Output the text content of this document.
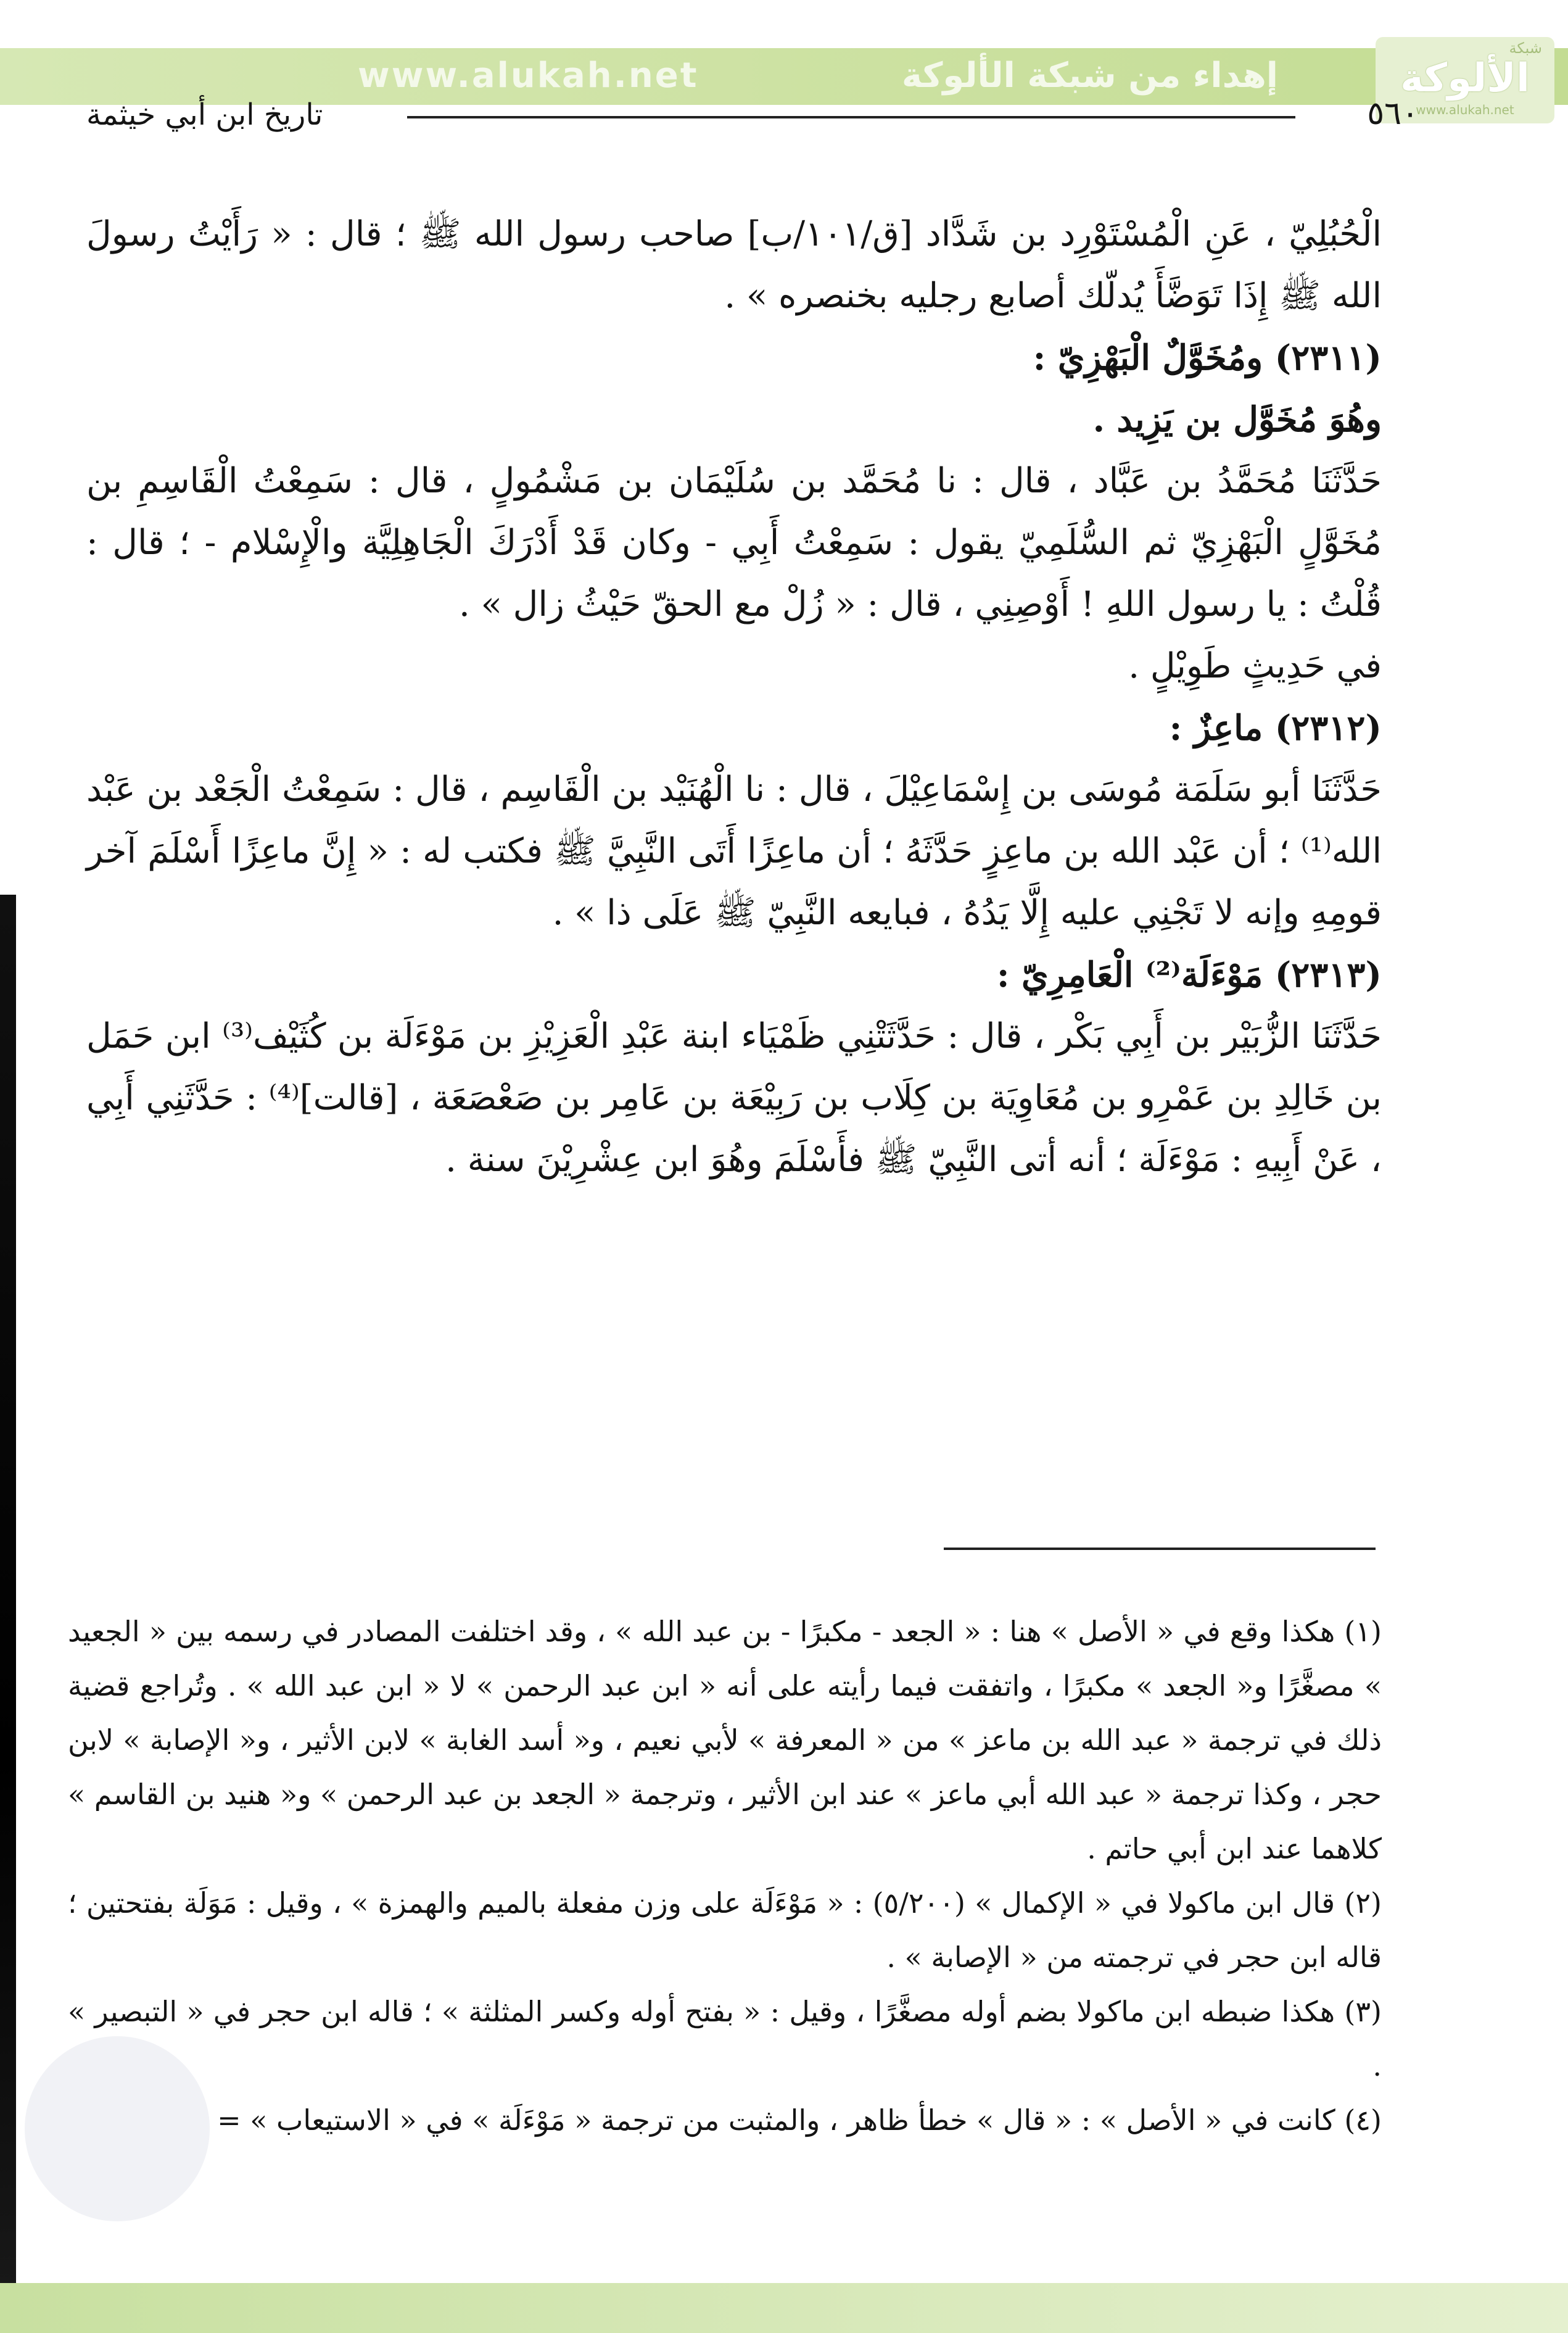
www.alukah.net	إهداء من شبكة الألوكة
شبكة
الألوكة
www.alukah.net
تاريخ ابن أبي خيثمة	٥٦٠

الْحُبُلِيّ ، عَنِ الْمُسْتَوْرِد بن شَدَّاد [ق/١٠١/ب] صاحب رسول الله ﷺ ؛ قال : « رَأَيْتُ رسولَ الله ﷺ إِذَا تَوَضَّأَ يُدلّك أصابع رجليه بخنصره » .

(٢٣١١) ومُخَوَّلٌ الْبَهْزِيّ :

وهُوَ مُخَوَّل بن يَزِيد .

حَدَّثَنَا مُحَمَّدُ بن عَبَّاد ، قال : نا مُحَمَّد بن سُلَيْمَان بن مَشْمُولٍ ، قال : سَمِعْتُ الْقَاسِمِ بن مُخَوَّلٍ الْبَهْزِيّ ثم السُّلَمِيّ يقول : سَمِعْتُ أَبِي - وكان قَدْ أَدْرَكَ الْجَاهِلِيَّة والْإِسْلام - ؛ قال : قُلْتُ : يا رسول اللهِ ! أَوْصِنِي ، قال : « زُلْ مع الحقّ حَيْثُ زال » .

في حَدِيثٍ طَوِيْلٍ .

(٢٣١٢) ماعِزٌ :

حَدَّثَنَا أبو سَلَمَة مُوسَى بن إِسْمَاعِيْلَ ، قال : نا الْهُنَيْد بن الْقَاسِم ، قال : سَمِعْتُ الْجَعْد بن عَبْد الله⁽¹⁾ ؛ أن عَبْد الله بن ماعِزٍ حَدَّثَهُ ؛ أن ماعِزًا أَتَى النَّبِيَّ ﷺ فكتب له : « إِنَّ ماعِزًا أَسْلَمَ آخر قومِهِ وإنه لا تَجْنِي عليه إِلَّا يَدُهُ ، فبايعه النَّبِيّ ﷺ عَلَى ذا » .

(٢٣١٣) مَوْءَلَة⁽²⁾ الْعَامِرِيّ :

حَدَّثَنَا الزُّبَيْر بن أَبِي بَكْر ، قال : حَدَّثَتْنِي ظَمْيَاء ابنة عَبْدِ الْعَزِيْزِ بن مَوْءَلَة بن كُثَيْف⁽³⁾ ابن حَمَل بن خَالِدِ بن عَمْرِو بن مُعَاوِيَة بن كِلَاب بن رَبِيْعَة بن عَامِر بن صَعْصَعَة ، [قالت]⁽⁴⁾ : حَدَّثَنِي أَبِي ، عَنْ أَبِيهِ : مَوْءَلَة ؛ أنه أتى النَّبِيّ ﷺ فأَسْلَمَ وهُوَ ابن عِشْرِيْنَ سنة .

(١) هكذا وقع في « الأصل » هنا : « الجعد - مكبرًا - بن عبد الله » ، وقد اختلفت المصادر في رسمه بين « الجعيد » مصغَّرًا و« الجعد » مكبرًا ، واتفقت فيما رأيته على أنه « ابن عبد الرحمن » لا « ابن عبد الله » . وتُراجع قضية ذلك في ترجمة « عبد الله بن ماعز » من « المعرفة » لأبي نعيم ، و« أسد الغابة » لابن الأثير ، و« الإصابة » لابن حجر ، وكذا ترجمة « عبد الله أبي ماعز » عند ابن الأثير ، وترجمة « الجعد بن عبد الرحمن » و« هنيد بن القاسم » كلاهما عند ابن أبي حاتم .

(٢) قال ابن ماكولا في « الإكمال » (٥/٢٠٠) : « مَوْءَلَة على وزن مفعلة بالميم والهمزة » ، وقيل : مَوَلَة بفتحتين ؛ قاله ابن حجر في ترجمته من « الإصابة » .

(٣) هكذا ضبطه ابن ماكولا بضم أوله مصغَّرًا ، وقيل : « بفتح أوله وكسر المثلثة » ؛ قاله ابن حجر في « التبصير » .

(٤) كانت في « الأصل » : « قال » خطأ ظاهر ، والمثبت من ترجمة « مَوْءَلَة » في « الاستيعاب » =
